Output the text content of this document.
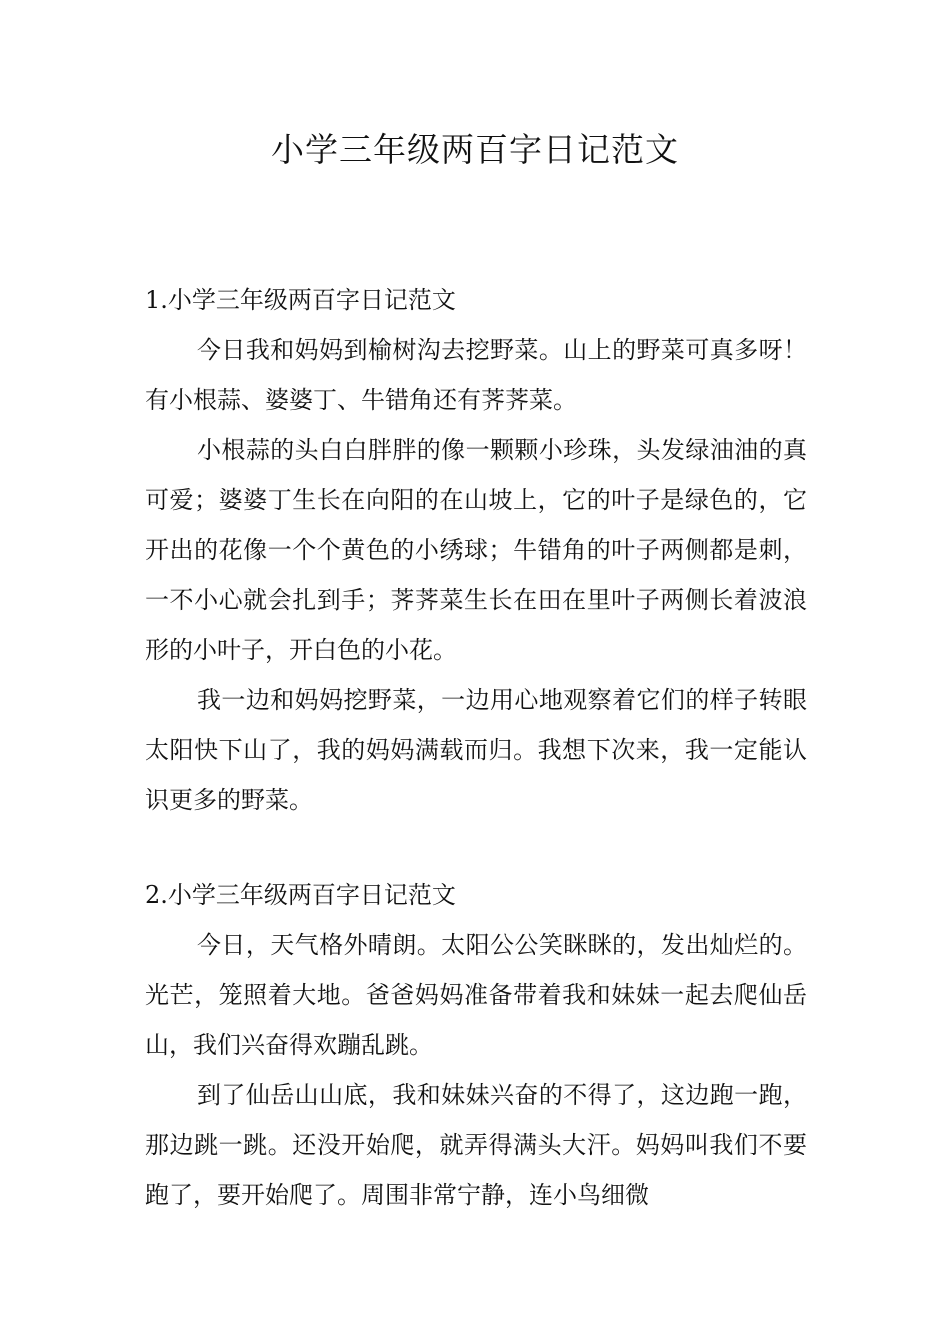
小学三年级两百字日记范文

1.小学三年级两百字日记范文

今日我和妈妈到榆树沟去挖野菜。山上的野菜可真多呀！有小根蒜、婆婆丁、牛错角还有荠荠菜。

小根蒜的头白白胖胖的像一颗颗小珍珠，头发绿油油的真可爱；婆婆丁生长在向阳的在山坡上，它的叶子是绿色的，它开出的花像一个个黄色的小绣球；牛错角的叶子两侧都是刺，一不小心就会扎到手；荠荠菜生长在田在里叶子两侧长着波浪形的小叶子，开白色的小花。

我一边和妈妈挖野菜，一边用心地观察着它们的样子转眼太阳快下山了，我的妈妈满载而归。我想下次来，我一定能认识更多的野菜。

2.小学三年级两百字日记范文

今日，天气格外晴朗。太阳公公笑眯眯的，发出灿烂的。光芒，笼照着大地。爸爸妈妈准备带着我和妹妹一起去爬仙岳山，我们兴奋得欢蹦乱跳。

到了仙岳山山底，我和妹妹兴奋的不得了，这边跑一跑，那边跳一跳。还没开始爬，就弄得满头大汗。妈妈叫我们不要跑了，要开始爬了。周围非常宁静，连小鸟细微
